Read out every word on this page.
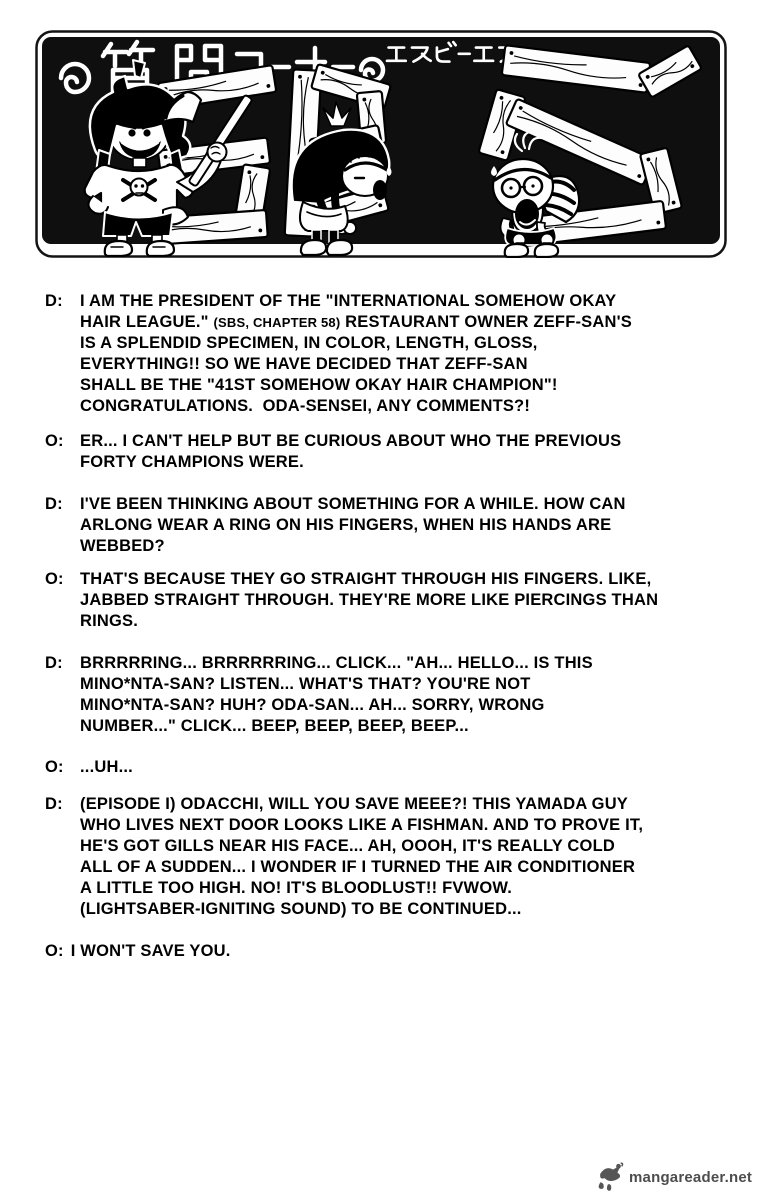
D:	I AM THE PRESIDENT OF THE "INTERNATIONAL SOMEHOW OKAY
HAIR LEAGUE." (SBS, CHAPTER 58) RESTAURANT OWNER ZEFF-SAN'S
IS A SPLENDID SPECIMEN, IN COLOR, LENGTH, GLOSS,
EVERYTHING!! SO WE HAVE DECIDED THAT ZEFF-SAN
SHALL BE THE "41ST SOMEHOW OKAY HAIR CHAMPION"!
CONGRATULATIONS.  ODA-SENSEI, ANY COMMENTS?!
O: ER... I CAN'T HELP BUT BE CURIOUS ABOUT WHO THE PREVIOUS
FORTY CHAMPIONS WERE.
D:	I'VE BEEN THINKING ABOUT SOMETHING FOR A WHILE. HOW CAN
ARLONG WEAR A RING ON HIS FINGERS, WHEN HIS HANDS ARE
WEBBED?
O: THAT'S BECAUSE THEY GO STRAIGHT THROUGH HIS FINGERS. LIKE,
JABBED STRAIGHT THROUGH. THEY'RE MORE LIKE PIERCINGS THAN
RINGS.
D:	BRRRRRING... BRRRRRRING... CLICK... "AH... HELLO... IS THIS
MINO*NTA-SAN? LISTEN... WHAT'S THAT? YOU'RE NOT
MINO*NTA-SAN? HUH? ODA-SAN... AH... SORRY, WRONG
NUMBER..." CLICK... BEEP, BEEP, BEEP, BEEP...
O: ...UH...
D:	(EPISODE I) ODACCHI, WILL YOU SAVE MEEE?! THIS YAMADA GUY
WHO LIVES NEXT DOOR LOOKS LIKE A FISHMAN. AND TO PROVE IT,
HE'S GOT GILLS NEAR HIS FACE... AH, OOOH, IT'S REALLY COLD
ALL OF A SUDDEN... I WONDER IF I TURNED THE AIR CONDITIONER
A LITTLE TOO HIGH. NO! IT'S BLOODLUST!! FVWOW.
(LIGHTSABER-IGNITING SOUND) TO BE CONTINUED...
O: I WON'T SAVE YOU.
mangareader.net
